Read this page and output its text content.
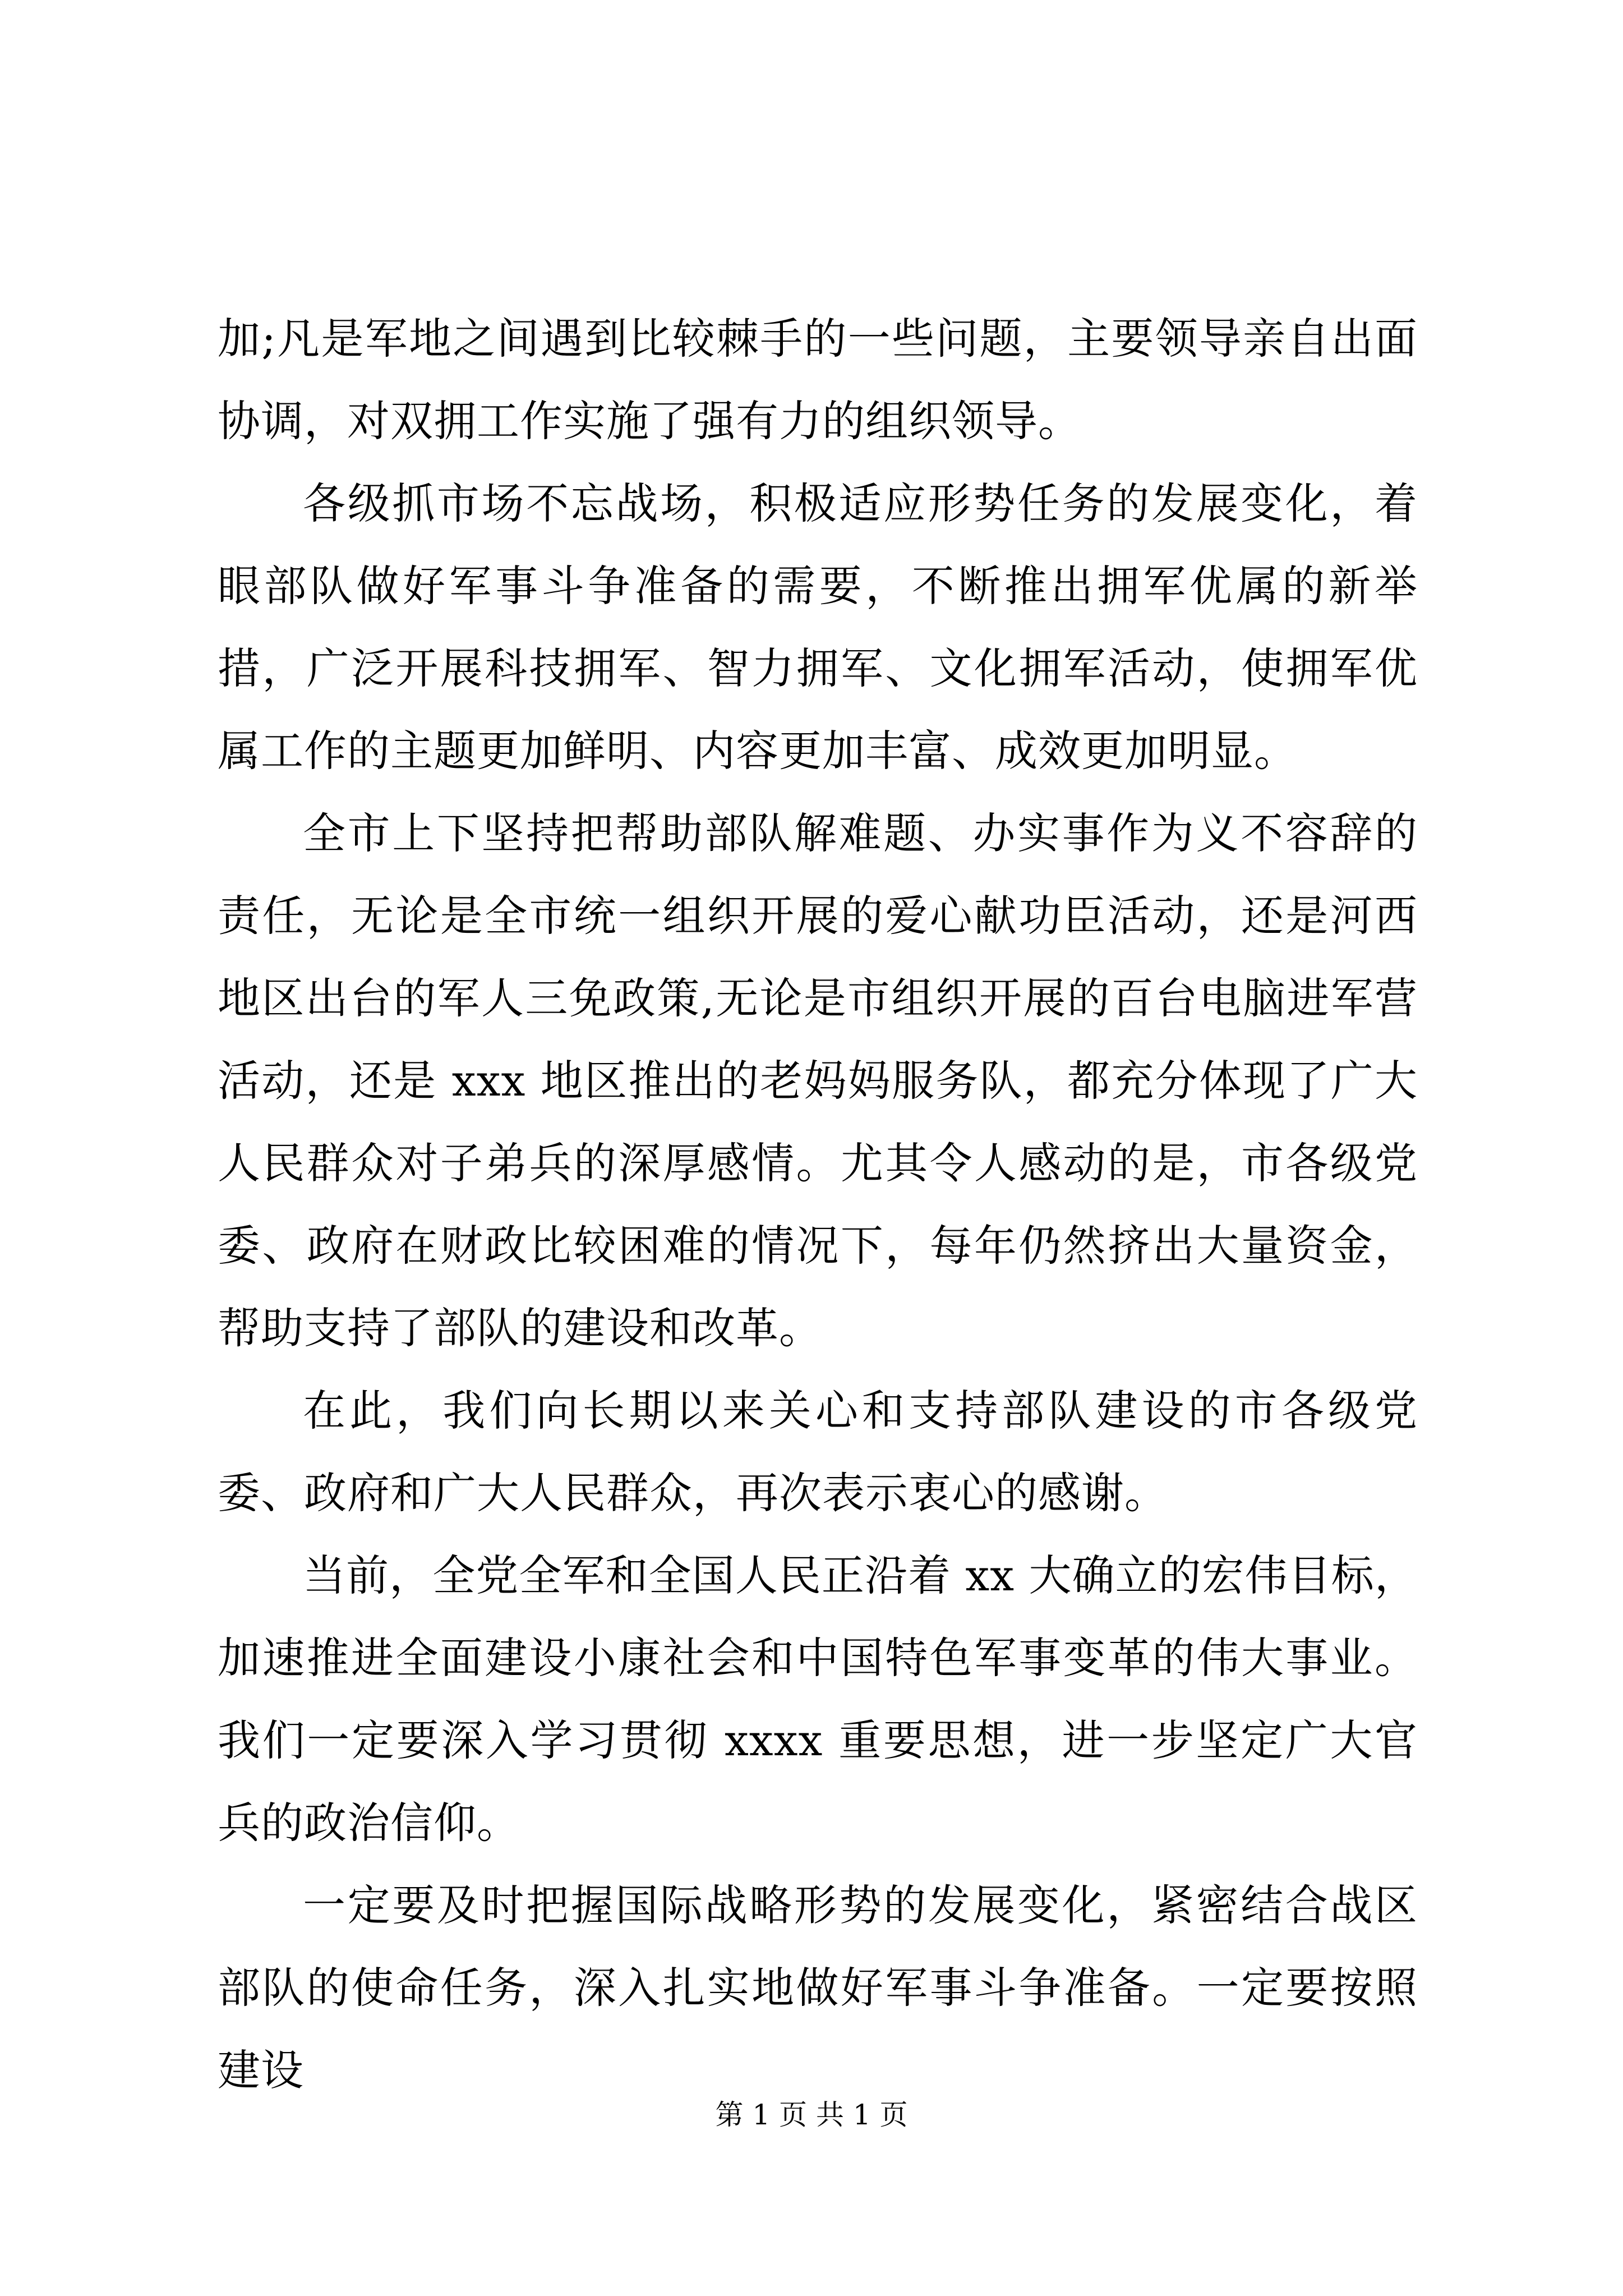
加;凡是军地之间遇到比较棘手的一些问题，主要领导亲自出面协调，对双拥工作实施了强有力的组织领导。

各级抓市场不忘战场，积极适应形势任务的发展变化，着眼部队做好军事斗争准备的需要，不断推出拥军优属的新举措，广泛开展科技拥军、智力拥军、文化拥军活动，使拥军优属工作的主题更加鲜明、内容更加丰富、成效更加明显。

全市上下坚持把帮助部队解难题、办实事作为义不容辞的责任，无论是全市统一组织开展的爱心献功臣活动，还是河西地区出台的军人三免政策,无论是市组织开展的百台电脑进军营活动，还是 xxx 地区推出的老妈妈服务队，都充分体现了广大人民群众对子弟兵的深厚感情。尤其令人感动的是，市各级党委、政府在财政比较困难的情况下，每年仍然挤出大量资金，帮助支持了部队的建设和改革。

在此，我们向长期以来关心和支持部队建设的市各级党委、政府和广大人民群众，再次表示衷心的感谢。

当前，全党全军和全国人民正沿着 xx 大确立的宏伟目标，加速推进全面建设小康社会和中国特色军事变革的伟大事业。我们一定要深入学习贯彻 xxxx 重要思想，进一步坚定广大官兵的政治信仰。

一定要及时把握国际战略形势的发展变化，紧密结合战区部队的使命任务，深入扎实地做好军事斗争准备。一定要按照建设

第 1 页 共 1 页
